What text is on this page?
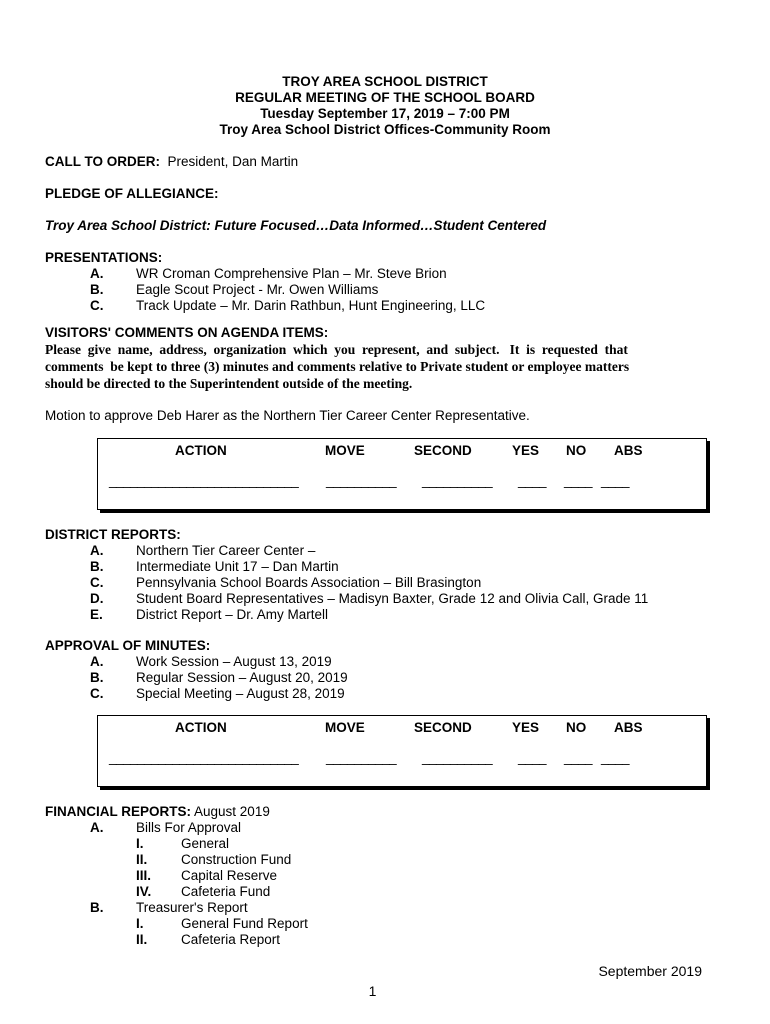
TROY AREA SCHOOL DISTRICT
REGULAR MEETING OF THE SCHOOL BOARD
Tuesday September 17, 2019 – 7:00 PM
Troy Area School District Offices-Community Room
CALL TO ORDER: President, Dan Martin
PLEDGE OF ALLEGIANCE:
Troy Area School District: Future Focused…Data Informed…Student Centered
PRESENTATIONS:
A. WR Croman Comprehensive Plan – Mr. Steve Brion
B. Eagle Scout Project - Mr. Owen Williams
C. Track Update – Mr. Darin Rathbun, Hunt Engineering, LLC
VISITORS' COMMENTS ON AGENDA ITEMS:
Please  give  name,  address,  organization  which  you  represent,  and  subject.   It  is  requested  that
comments  be kept to three (3) minutes and comments relative to Private student or employee matters
should be directed to the Superintendent outside of the meeting.
Motion to approve Deb Harer as the Northern Tier Career Center Representative.
ACTION	MOVE	SECOND	YES NO ABS
___________________________ __________ __________ ____ ____ ____
DISTRICT REPORTS:
A. Northern Tier Career Center –
B. Intermediate Unit 17 – Dan Martin
C. Pennsylvania School Boards Association – Bill Brasington
D. Student Board Representatives – Madisyn Baxter, Grade 12 and Olivia Call, Grade 11
E. District Report – Dr. Amy Martell
APPROVAL OF MINUTES:
A. Work Session – August 13, 2019
B. Regular Session – August 20, 2019
C. Special Meeting – August 28, 2019
ACTION	MOVE	SECOND	YES NO ABS
___________________________ __________ __________ ____ ____ ____
FINANCIAL REPORTS: August 2019
A. Bills For Approval
I.	General
II. Construction Fund
III. Capital Reserve
IV. Cafeteria Fund
B. Treasurer's Report
I.	General Fund Report
II. Cafeteria Report
September 2019
1
